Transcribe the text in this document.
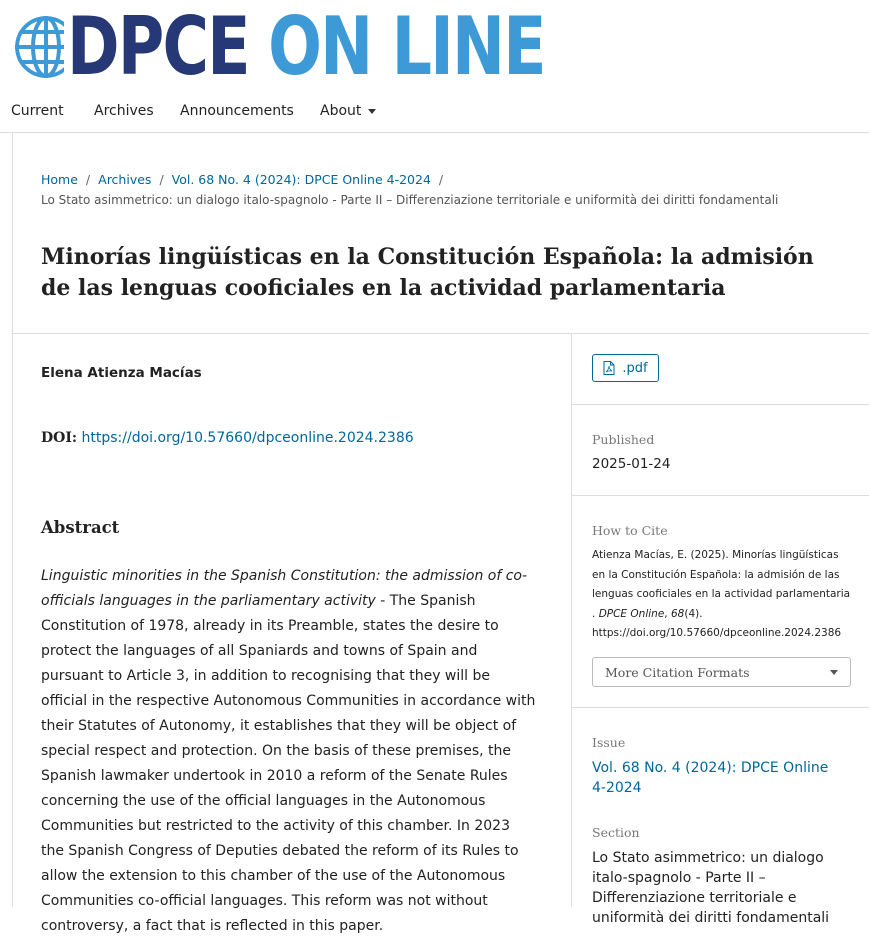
DPCE ON LINE
Current Archives Announcements About
Home / Archives / Vol. 68 No. 4 (2024): DPCE Online 4-2024 /
Lo Stato asimmetrico: un dialogo italo-spagnolo - Parte II – Differenziazione territoriale e uniformità dei diritti fondamentali
Minorías lingüísticas en la Constitución Española: la admisión de las lenguas cooficiales en la actividad parlamentaria
Elena Atienza Macías
DOI: https://doi.org/10.57660/dpceonline.2024.2386
Abstract

Linguistic minorities in the Spanish Constitution: the admission of co-officials languages in the parliamentary activity - The Spanish Constitution of 1978, already in its Preamble, states the desire to protect the languages of all Spaniards and towns of Spain and pursuant to Article 3, in addition to recognising that they will be official in the respective Autonomous Communities in accordance with their Statutes of Autonomy, it establishes that they will be object of special respect and protection. On the basis of these premises, the Spanish lawmaker undertook in 2010 a reform of the Senate Rules concerning the use of the official languages in the Autonomous Communities but restricted to the activity of this chamber. In 2023 the Spanish Congress of Deputies debated the reform of its Rules to allow the extension to this chamber of the use of the Autonomous Communities co-official languages. This reform was not without controversy, a fact that is reflected in this paper.

.pdf
Published
2025-01-24
How to Cite
Atienza Macías, E. (2025). Minorías lingüísticas en la Constitución Española: la admisión de las lenguas cooficiales en la actividad parlamentaria . DPCE Online, 68(4). https://doi.org/10.57660/dpceonline.2024.2386
More Citation Formats
Issue
Vol. 68 No. 4 (2024): DPCE Online 4-2024
Section
Lo Stato asimmetrico: un dialogo italo-spagnolo - Parte II – Differenziazione territoriale e uniformità dei diritti fondamentali
